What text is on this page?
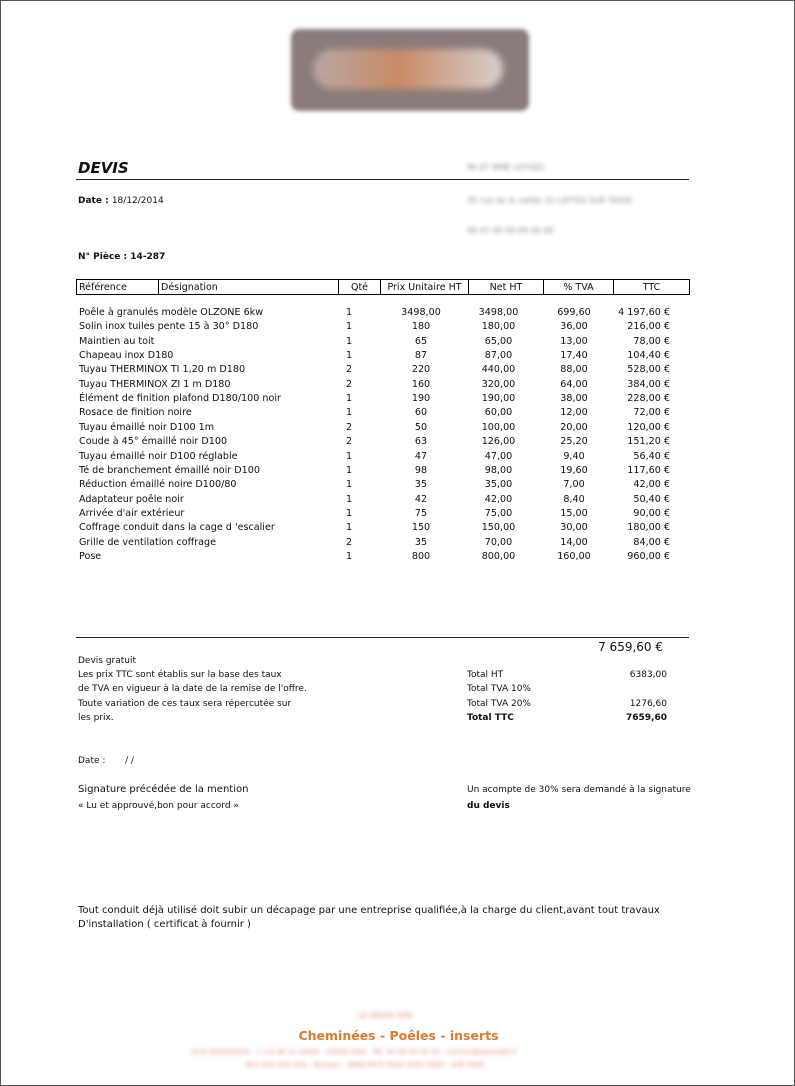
DEVIS	Mr ET MME LEYGES
35 rue de la vallée 31 LATTES SUR TASSE
06 47 00 00 00 00 00
Date : 18/12/2014
N° Pièce : 14-287
Référence	Désignation	Qté	Prix Unitaire HT	Net HT	% TVA	TTC
Poêle à granulés modèle OLZONE 6kw	1	3498,00	3498,00	699,60	4 197,60 €
Solin inox tuiles pente 15 à 30° D180	1	180	180,00	36,00	216,00 €
Maintien au toit	1	65	65,00	13,00	78,00 €
Chapeau inox D180	1	87	87,00	17,40	104,40 €
Tuyau THERMINOX TI 1,20 m D180	2	220	440,00	88,00	528,00 €
Tuyau THERMINOX ZI 1 m D180	2	160	320,00	64,00	384,00 €
Élément de finition plafond D180/100 noir	1	190	190,00	38,00	228,00 €
Rosace de finition noire	1	60	60,00	12,00	72,00 €
Tuyau émaillé noir D100 1m	2	50	100,00	20,00	120,00 €
Coude à 45° émaillé noir D100	2	63	126,00	25,20	151,20 €
Tuyau émaillé noir D100 réglable	1	47	47,00	9,40	56,40 €
Té de branchement émaillé noir D100	1	98	98,00	19,60	117,60 €
Réduction émaillé noire D100/80	1	35	35,00	7,00	42,00 €
Adaptateur poêle noir	1	42	42,00	8,40	50,40 €
Arrivée d'air extérieur	1	75	75,00	15,00	90,00 €
Coffrage conduit dans la cage d 'escalier	1	150	150,00	30,00	180,00 €
Grille de ventilation coffrage	2	35	70,00	14,00	84,00 €
Pose	1	800	800,00	160,00	960,00 €
7 659,60 €
Devis gratuit
Les prix TTC sont établis sur la base des taux
de TVA en vigueur à la date de la remise de l'offre.
Toute variation de ces taux sera répercutée sur
les prix.
Total HT	6383,00
Total TVA 10%
Total TVA 20%	1276,60
Total TTC	7659,60
Date : / /
Signature précédée de la mention
« Lu et approuvé,bon pour accord »
Un acompte de 30% sera demandé à la signature
du devis
Tout conduit déjà utilisé doit subir un décapage par une entreprise qualifiée,à la charge du client,avant tout travaux
D'installation ( certificat à fournir )
LE DEVIS SAS
Cheminées - Poêles - inserts
Siret 000000000 - 1 rue de La vallée - 00000 Ville - Tél. 00 00 00 00 00 - contact@exemple.fr
RCS 000 000 000 - Banque - IBAN FR76 0000 0000 0000 - APE 0000
